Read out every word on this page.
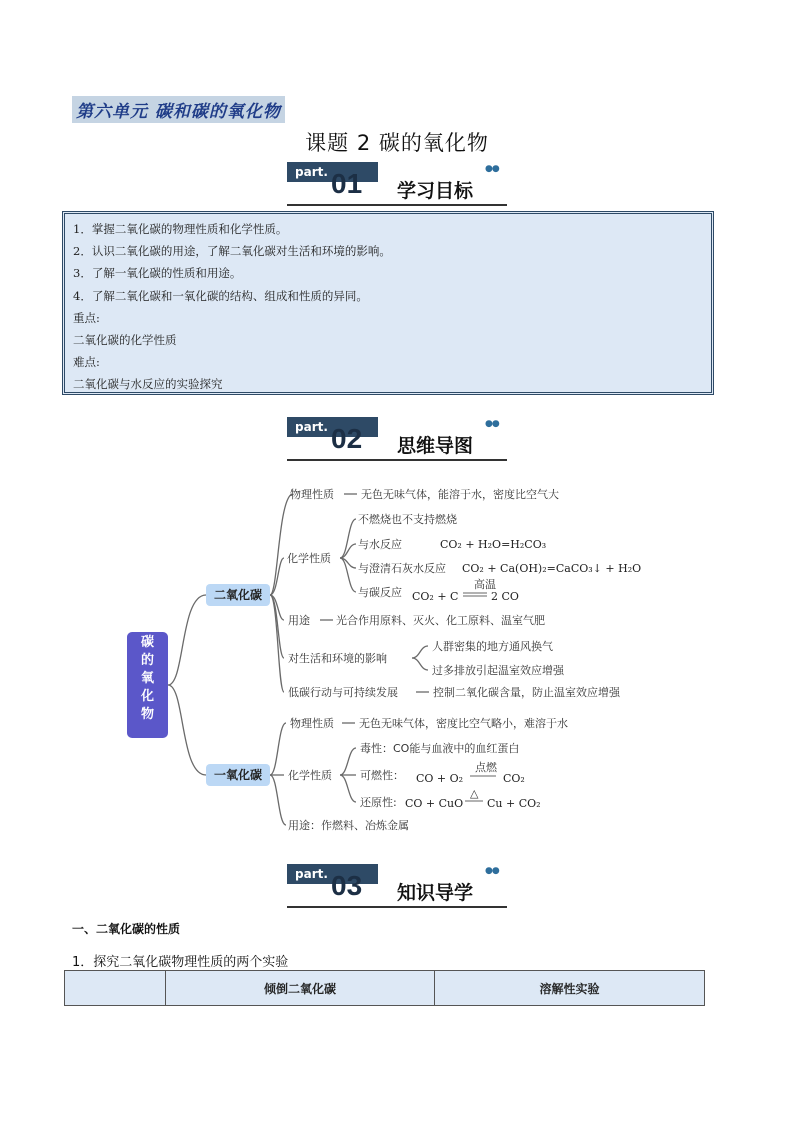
第六单元 碳和碳的氧化物
课题 2 碳的氧化物
part. 01 学习目标
●●
1．掌握二氧化碳的物理性质和化学性质。
2．认识二氧化碳的用途，了解二氧化碳对生活和环境的影响。
3．了解一氧化碳的性质和用途。
4．了解二氧化碳和一氧化碳的结构、组成和性质的异同。
重点:
二氧化碳的化学性质
难点:
二氧化碳与水反应的实验探究
part. 02 思维导图
●●
碳的氧化物
二氧化碳
一氧化碳
物理性质 无色无味气体，能溶于水，密度比空气大
化学性质
不燃烧也不支持燃烧
与水反应	CO₂ + H₂O=H₂CO₃
与澄清石灰水反应 CO₂ + Ca(OH)₂=CaCO₃↓ + H₂O
与碳反应 CO₂ + C
高温
2 CO
用途 光合作用原料、灭火、化工原料、温室气肥
对生活和环境的影响
人群密集的地方通风换气
过多排放引起温室效应增强
低碳行动与可持续发展	控制二氧化碳含量，防止温室效应增强
物理性质 无色无味气体，密度比空气略小，难溶于水
化学性质
毒性：CO能与血液中的血红蛋白
可燃性： CO + O₂
点燃
CO₂
还原性: CO + CuO
△
Cu + CO₂
用途：作燃料、冶炼金属
part. 03 知识导学
●●
一、二氧化碳的性质
1．探究二氧化碳物理性质的两个实验
	倾倒二氧化碳	溶解性实验
